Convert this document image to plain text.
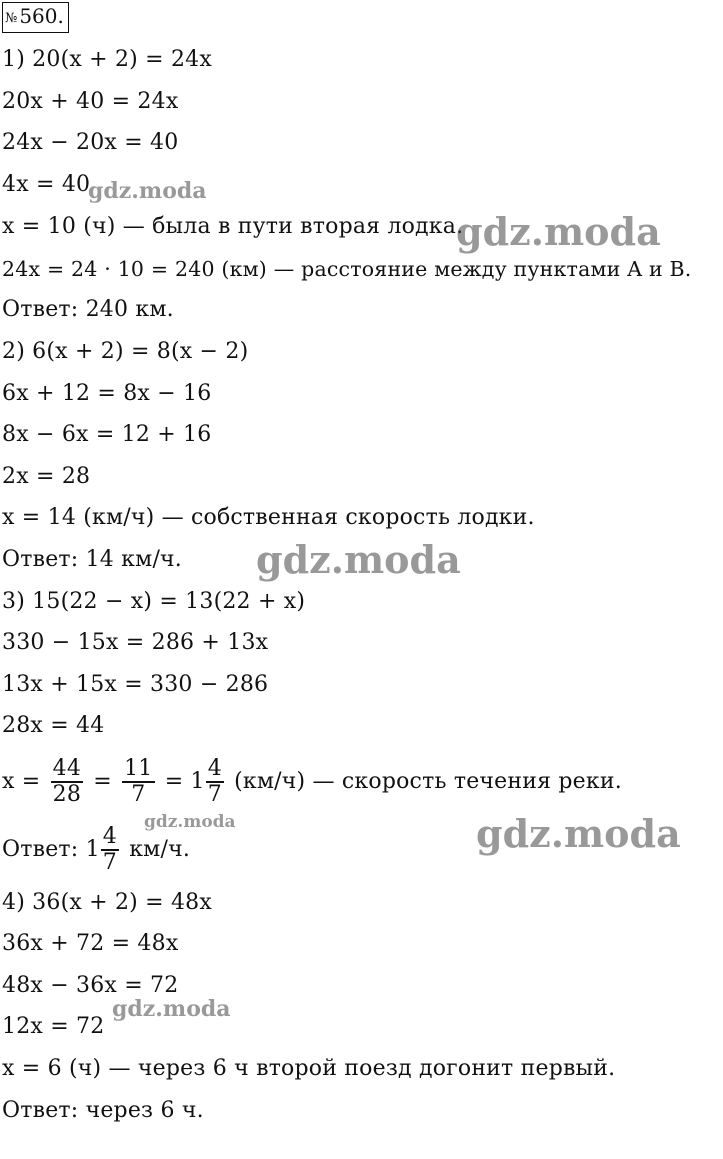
№ 560.
1) 20(x + 2) = 24x
20x + 40 = 24x
24x − 20x = 40
4x = 40
x = 10 (ч) — была в пути вторая лодка.
24x = 24 · 10 = 240 (км) — расстояние между пунктами A и B.
Ответ: 240 км.
2) 6(x + 2) = 8(x − 2)
6x + 12 = 8x − 16
8x − 6x = 12 + 16
2x = 28
x = 14 (км/ч) — собственная скорость лодки.
Ответ: 14 км/ч.
3) 15(22 − x) = 13(22 + x)
330 − 15x = 286 + 13x
13x + 15x = 330 − 286
28x = 44
$x = \frac{44}{28} = \frac{11}{7} = 1 \frac{4}{7} (км/ч)$ — скорость течения реки.
Ответ: $1 \frac{4}{7} км/ч$.
4) 36(x + 2) = 48x
36x + 72 = 48x
48x − 36x = 72
12x = 72
x = 6 (ч) — через 6 ч второй поезд догонит первый.
Ответ: через 6 ч.
gdz.moda
gdz.moda
gdz.moda
gdz.moda	gdz.moda
gdz.moda
